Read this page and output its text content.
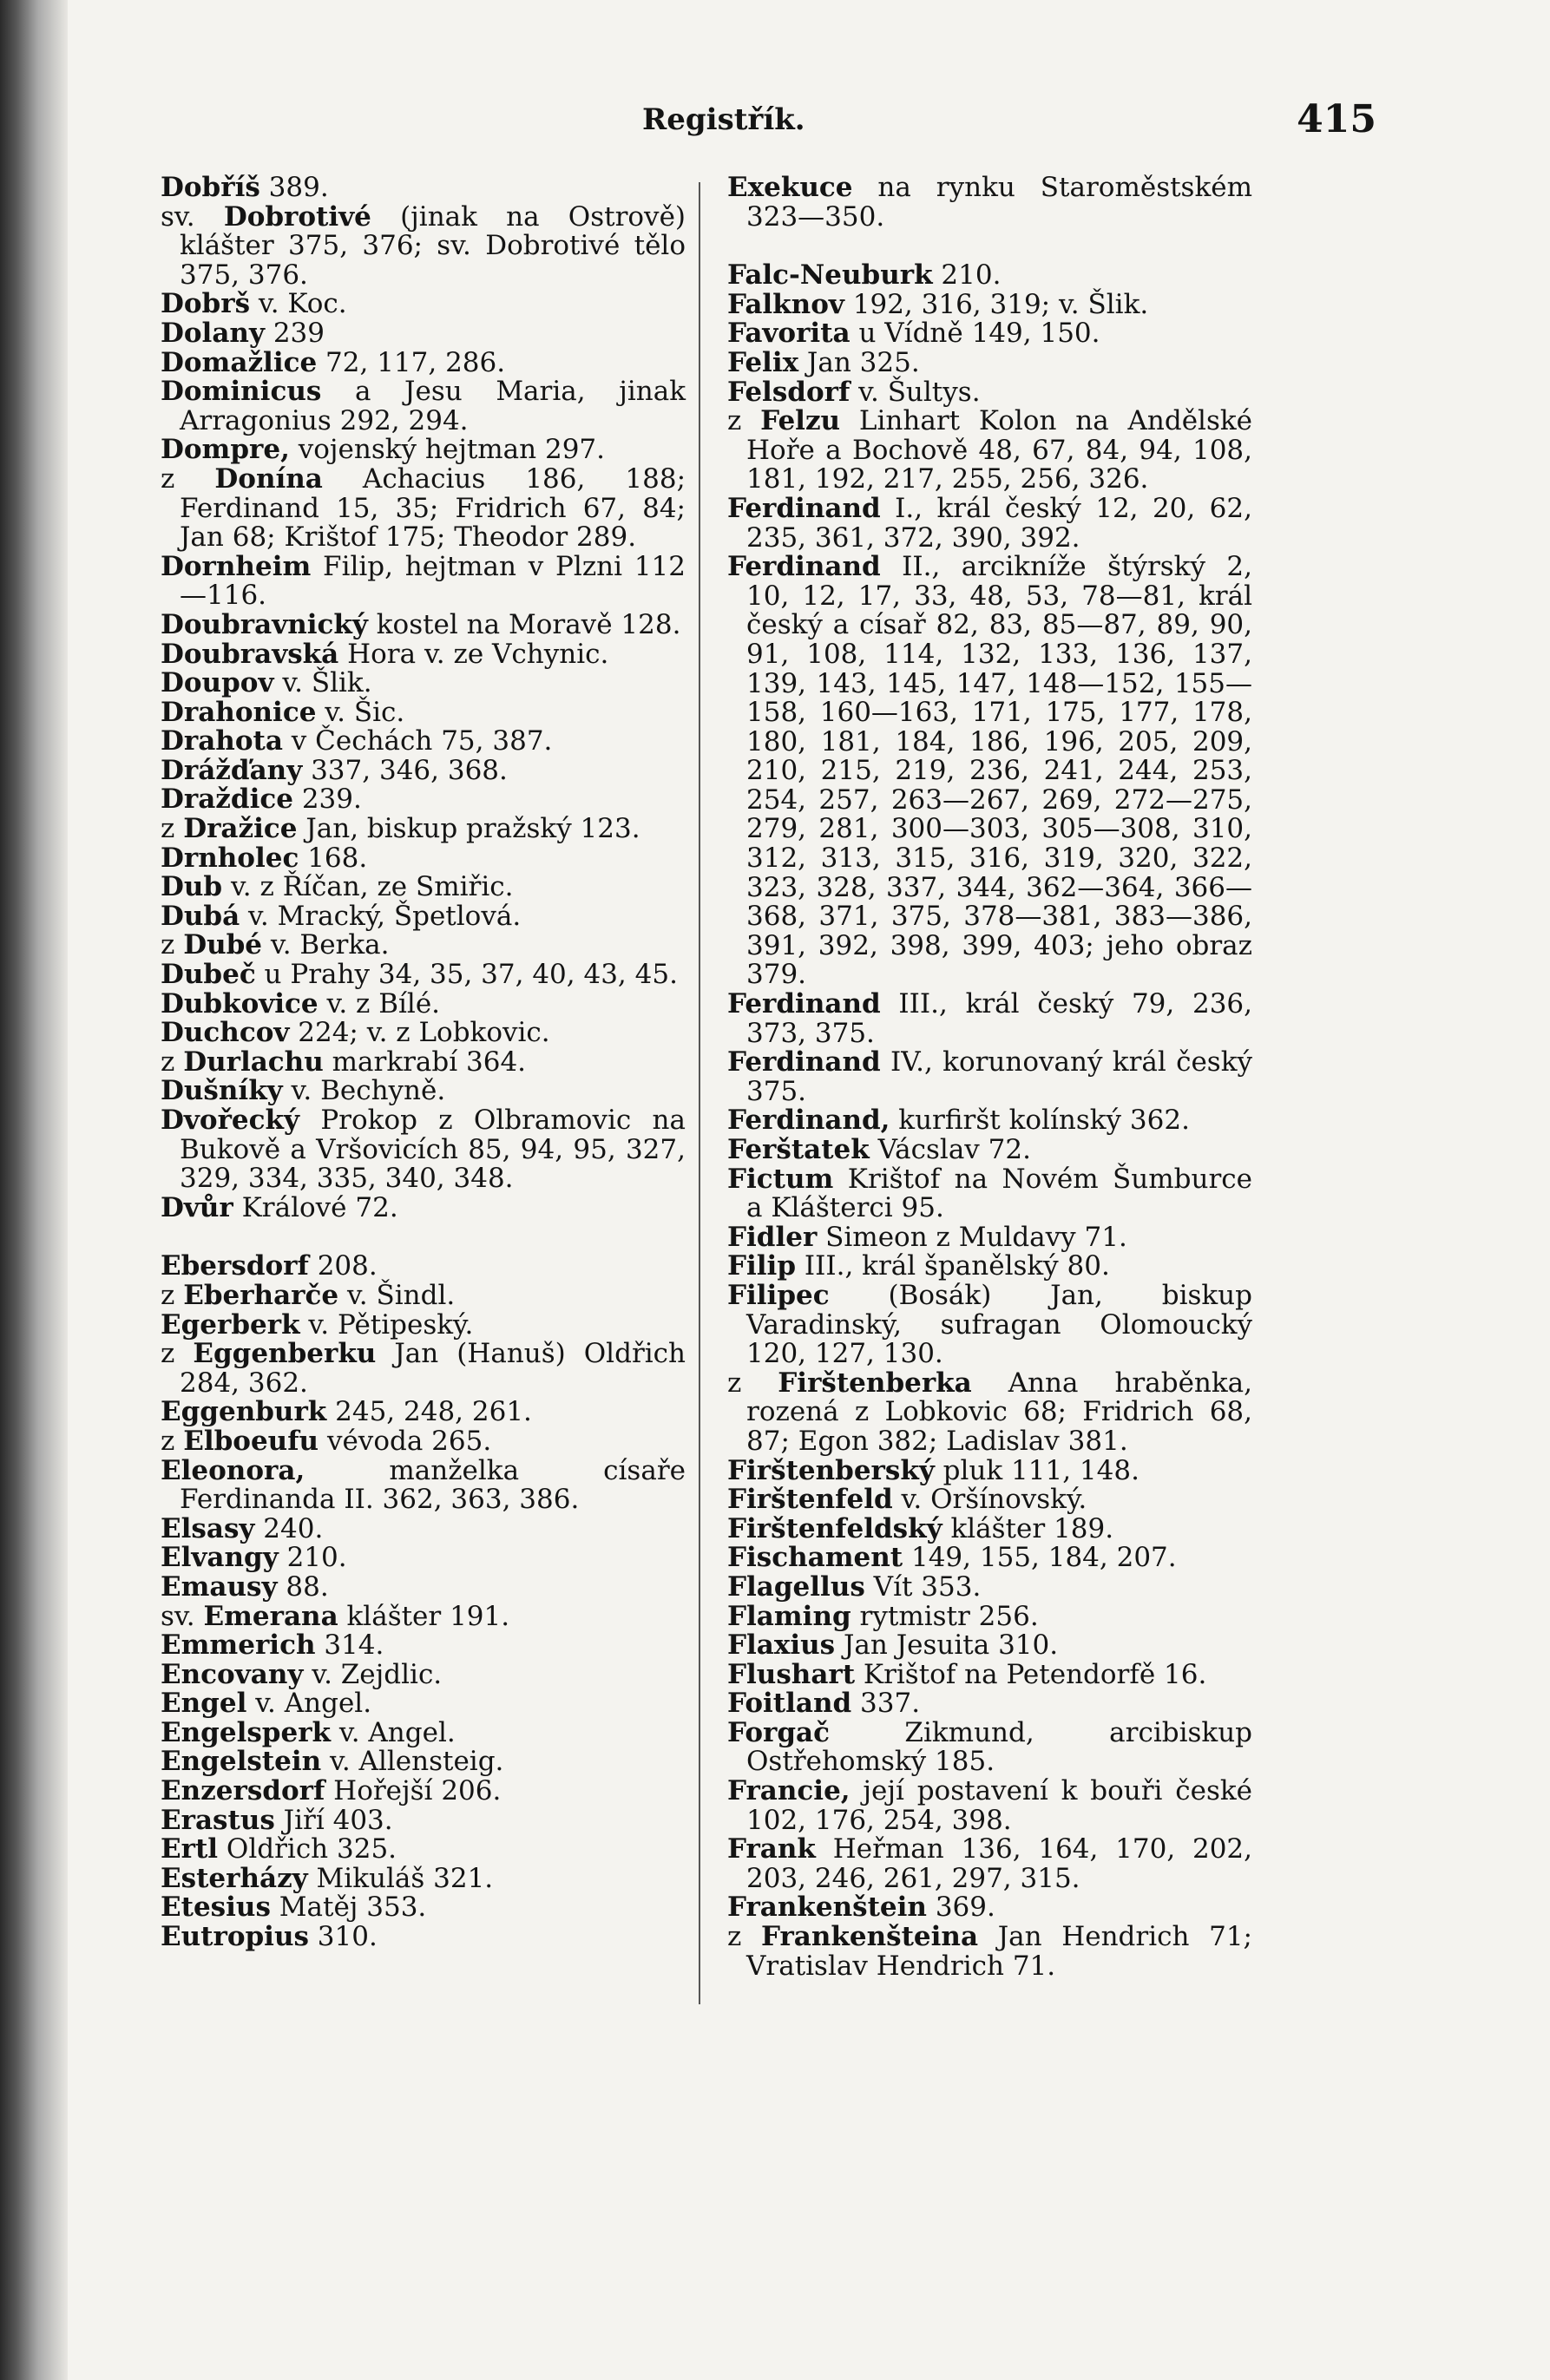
Registřík.	415
Dobříš 389.
sv. Dobrotivé (jinak na Ostrově) klášter 375, 376; sv. Dobrotivé tělo 375, 376.
Dobrš v. Koc.
Dolany 239
Domažlice 72, 117, 286.
Dominicus a Jesu Maria, jinak Arragonius 292, 294.
Dompre, vojenský hejtman 297.
z Donína Achacius 186, 188; Ferdinand 15, 35; Fridrich 67, 84; Jan 68; Krištof 175; Theodor 289.
Dornheim Filip, hejtman v Plzni 112—116.
Doubravnický kostel na Moravě 128.
Doubravská Hora v. ze Vchynic.
Doupov v. Šlik.
Drahonice v. Šic.
Drahota v Čechách 75, 387.
Drážďany 337, 346, 368.
Draždice 239.
z Dražice Jan, biskup pražský 123.
Drnholec 168.
Dub v. z Říčan, ze Smiřic.
Dubá v. Mracký, Špetlová.
z Dubé v. Berka.
Dubeč u Prahy 34, 35, 37, 40, 43, 45.
Dubkovice v. z Bílé.
Duchcov 224; v. z Lobkovic.
z Durlachu markrabí 364.
Dušníky v. Bechyně.
Dvořecký Prokop z Olbramovic na Bukově a Vršovicích 85, 94, 95, 327, 329, 334, 335, 340, 348.
Dvůr Králové 72.
Ebersdorf 208.
z Eberharče v. Šindl.
Egerberk v. Pětipeský.
z Eggenberku Jan (Hanuš) Oldřich 284, 362.
Eggenburk 245, 248, 261.
z Elboeufu vévoda 265.
Eleonora, manželka císaře Ferdinanda II. 362, 363, 386.
Elsasy 240.
Elvangy 210.
Emausy 88.
sv. Emerana klášter 191.
Emmerich 314.
Encovany v. Zejdlic.
Engel v. Angel.
Engelsperk v. Angel.
Engelstein v. Allensteig.
Enzersdorf Hořejší 206.
Erastus Jiří 403.
Ertl Oldřich 325.
Esterházy Mikuláš 321.
Etesius Matěj 353.
Eutropius 310.
Exekuce na rynku Staroměstském 323—350.
Falc-Neuburk 210.
Falknov 192, 316, 319; v. Šlik.
Favorita u Vídně 149, 150.
Felix Jan 325.
Felsdorf v. Šultys.
z Felzu Linhart Kolon na Andělské Hoře a Bochově 48, 67, 84, 94, 108, 181, 192, 217, 255, 256, 326.
Ferdinand I., král český 12, 20, 62, 235, 361, 372, 390, 392.
Ferdinand II., arcikníže štýrský 2, 10, 12, 17, 33, 48, 53, 78—81, král český a císař 82, 83, 85—87, 89, 90, 91, 108, 114, 132, 133, 136, 137, 139, 143, 145, 147, 148—152, 155—158, 160—163, 171, 175, 177, 178, 180, 181, 184, 186, 196, 205, 209, 210, 215, 219, 236, 241, 244, 253, 254, 257, 263—267, 269, 272—275, 279, 281, 300—303, 305—308, 310, 312, 313, 315, 316, 319, 320, 322, 323, 328, 337, 344, 362—364, 366—368, 371, 375, 378—381, 383—386, 391, 392, 398, 399, 403; jeho obraz 379.
Ferdinand III., král český 79, 236, 373, 375.
Ferdinand IV., korunovaný král český 375.
Ferdinand, kurfiršt kolínský 362.
Ferštatek Vácslav 72.
Fictum Krištof na Novém Šumburce a Klášterci 95.
Fidler Simeon z Muldavy 71.
Filip III., král španělský 80.
Filipec (Bosák) Jan, biskup Varadinský, sufragan Olomoucký 120, 127, 130.
z Firštenberka Anna hraběnka, rozená z Lobkovic 68; Fridrich 68, 87; Egon 382; Ladislav 381.
Firštenberský pluk 111, 148.
Firštenfeld v. Oršínovský.
Firštenfeldský klášter 189.
Fischament 149, 155, 184, 207.
Flagellus Vít 353.
Flaming rytmistr 256.
Flaxius Jan Jesuita 310.
Flushart Krištof na Petendorfě 16.
Foitland 337.
Forgač Zikmund, arcibiskup Ostřehomský 185.
Francie, její postavení k bouři české 102, 176, 254, 398.
Frank Heřman 136, 164, 170, 202, 203, 246, 261, 297, 315.
Frankenštein 369.
z Frankenšteina Jan Hendrich 71; Vratislav Hendrich 71.
